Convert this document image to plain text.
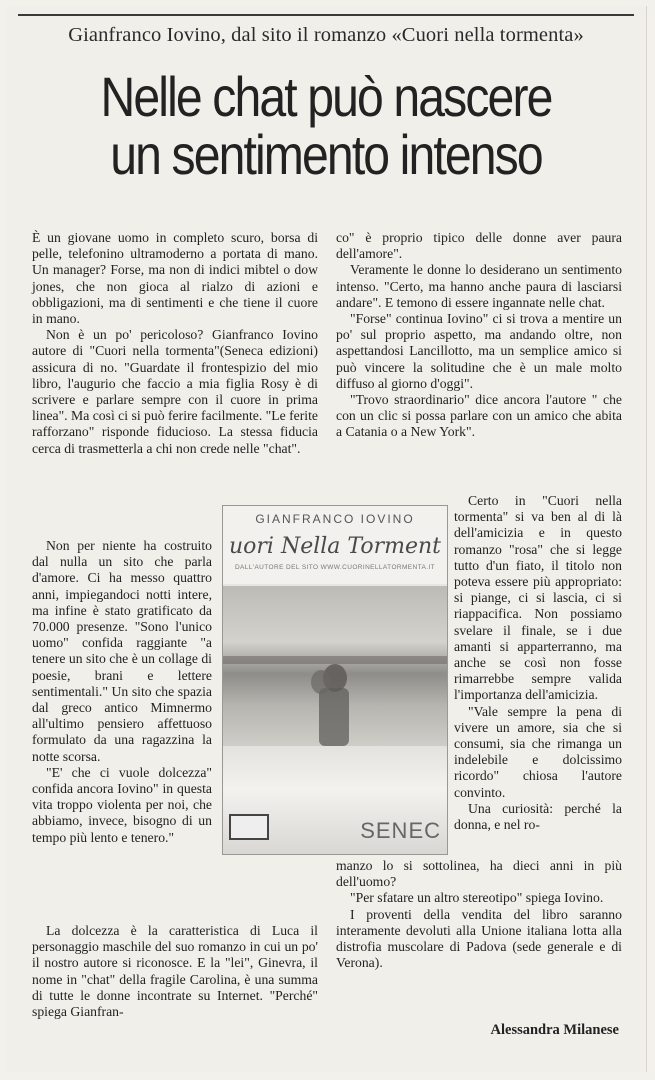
Gianfranco Iovino, dal sito il romanzo «Cuori nella tormenta»
Nelle chat può nascere
un sentimento intenso

È un giovane uomo in completo scuro, borsa di pelle, telefonino ultramoderno a portata di mano. Un manager? Forse, ma non di indici mibtel o dow jones, che non gioca al rialzo di azioni e obbligazioni, ma di sentimenti e che tiene il cuore in mano.

Non è un po' pericoloso? Gianfranco Iovino autore di "Cuori nella tormenta"(Seneca edizioni) assicura di no. "Guardate il frontespizio del mio libro, l'augurio che faccio a mia figlia Rosy è di scrivere e parlare sempre con il cuore in prima linea". Ma così ci si può ferire facilmente. "Le ferite rafforzano" risponde fiducioso. La stessa fiducia cerca di trasmetterla a chi non crede nelle "chat".

Non per niente ha costruito dal nulla un sito che parla d'amore. Ci ha messo quattro anni, impiegandoci notti intere, ma infine è stato gratificato da 70.000 presenze. "Sono l'unico uomo" confida raggiante "a tenere un sito che è un collage di poesie, brani e lettere sentimentali." Un sito che spazia dal greco antico Mimnermo all'ultimo pensiero affettuoso formulato da una ragazzina la notte scorsa.

"E' che ci vuole dolcezza" confida ancora Iovino" in questa vita troppo violenta per noi, che abbiamo, invece, bisogno di un tempo più lento e tenero."

La dolcezza è la caratteristica di Luca il personaggio maschile del suo romanzo in cui un po' il nostro autore si riconosce. E la "lei", Ginevra, il nome in "chat" della fragile Carolina, è una summa di tutte le donne incontrate su Internet. "Perché" spiega Gianfran-

co" è proprio tipico delle donne aver paura dell'amore".

Veramente le donne lo desiderano un sentimento intenso. "Certo, ma hanno anche paura di lasciarsi andare". E temono di essere ingannate nelle chat.

"Forse" continua Iovino" ci si trova a mentire un po' sul proprio aspetto, ma andando oltre, non aspettandosi Lancillotto, ma un semplice amico si può vincere la solitudine che è un male molto diffuso al giorno d'oggi".

"Trovo straordinario" dice ancora l'autore " che con un clic si possa parlare con un amico che abita a Catania o a New York".

Certo in "Cuori nella tormenta" si va ben al di là dell'amicizia e in questo romanzo "rosa" che si legge tutto d'un fiato, il titolo non poteva essere più appropriato: si piange, ci si lascia, ci si riappacifica. Non possiamo svelare il finale, se i due amanti si apparterranno, ma anche se così non fosse rimarrebbe sempre valida l'importanza dell'amicizia.

"Vale sempre la pena di vivere un amore, sia che si consumi, sia che rimanga un indelebile e dolcissimo ricordo" chiosa l'autore convinto.

Una curiosità: perché la donna, e nel ro-

manzo lo si sottolinea, ha dieci anni in più dell'uomo?

"Per sfatare un altro stereotipo" spiega Iovino.

I proventi della vendita del libro saranno interamente devoluti alla Unione italiana lotta alla distrofia muscolare di Padova (sede generale e di Verona).

GIANFRANCO IOVINO
uori Nella Torment
DALL'AUTORE DEL SITO WWW.CUORINELLATORMENTA.IT
SENEC
Alessandra Milanese
